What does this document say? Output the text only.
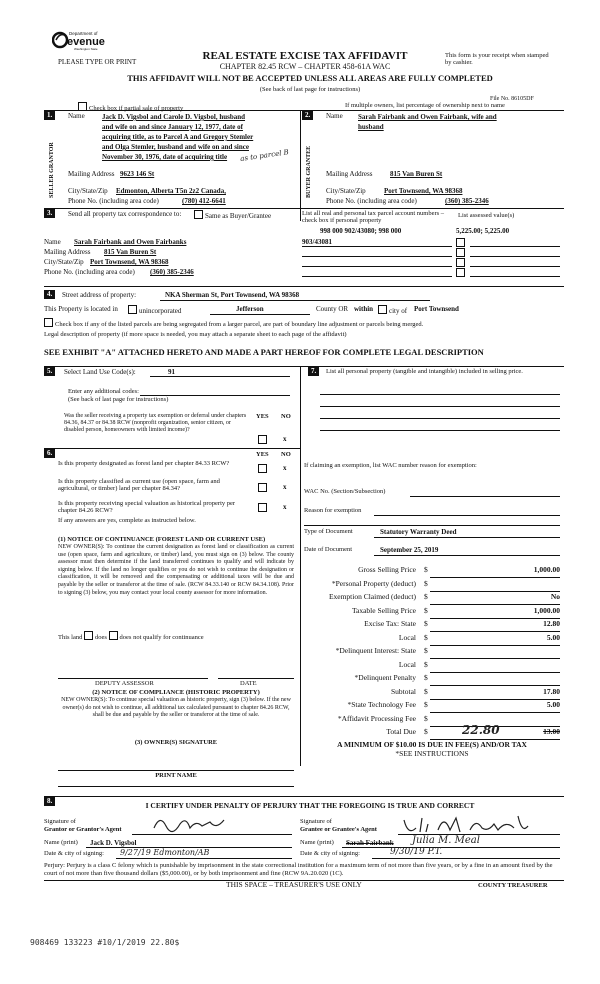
Department of
evenue
Washington State
PLEASE TYPE OR PRINT	REAL ESTATE EXCISE TAX AFFIDAVIT
CHAPTER 82.45 RCW – CHAPTER 458-61A WAC
This form is your receipt when stamped by cashier.
THIS AFFIDAVIT WILL NOT BE ACCEPTED UNLESS ALL AREAS ARE FULLY COMPLETED
(See back of last page for instructions)
File No. 86105DF
Check box if partial sale of property	If multiple owners, list percentage of ownership next to name
1.	Name Jack D. Vigsbol and Carole D. Vigsbol, husband
and wife on and since January 12, 1977, date of
acquiring title, as to Parcel A and Gregory Stemler
and Olga Stemler, husband and wife on and since
November 30, 1976, date of acquiring title	as to parcel B
SELLER GRANTOR Mailing Address 9623 146 St
City/State/Zip Edmonton, Alberta T5n 2z2 Canada,
Phone No. (including area code)	(780) 412-6641
2.	Name Sarah Fairbank and Owen Fairbank, wife and
husband
BUYER GRANTEE Mailing Address	815 Van Buren St
City/State/Zip	Port Townsend, WA 98368
Phone No. (including area code)	(360) 385-2346
3.	Send all property tax correspondence to:	Same as Buyer/Grantee	List all real and personal tax parcel account numbers – check box if personal property
List assessed value(s)
998 000 902/43080; 998 000	5,225.00; 5,225.00
903/43081
Name Sarah Fairbank and Owen Fairbanks
Mailing Address 815 Van Buren St
City/State/Zip Port Townsend, WA 98368
Phone No. (including area code) (360) 385-2346
4.	Street address of property:	NKA Sherman St, Port Townsend, WA 98368
This Property is located in	unincorporated	Jefferson	County OR within	city of Port Townsend
Check box if any of the listed parcels are being segregated from a larger parcel, are part of boundary line adjustment or parcels being merged.
Legal description of property (if more space is needed, you may attach a separate sheet to each page of the affidavit)
SEE EXHIBIT "A" ATTACHED HERETO AND MADE A PART HEREOF FOR COMPLETE LEGAL DESCRIPTION
5.	Select Land Use Code(s):	91
Enter any additional codes:
(See back of last page for instructions)
YES NO
Was the seller receiving a property tax exemption or deferral under chapters 84.36, 84.37 or 84.38 RCW (nonprofit organization, senior citizen, or disabled person, homeowners with limited income)?
x
6.	YES NO
Is this property designated as forest land per chapter 84.33 RCW?
x
Is this property classified as current use (open space, farm and agricultural, or timber) land per chapter 84.34?	x
Is this property receiving special valuation as historical property per chapter 84.26 RCW?	x
If any answers are yes, complete as instructed below.
(1) NOTICE OF CONTINUANCE (FOREST LAND OR CURRENT USE)
NEW OWNER(S): To continue the current designation as forest land or classification as current use (open space, farm and agriculture, or timber) land, you must sign on (3) below. The county assessor must then determine if the land transferred continues to qualify and will indicate by signing below. If the land no longer qualifies or you do not wish to continue the designation or classification, it will be removed and the compensating or additional taxes will be due and payable by the seller or transferor at the time of sale. (RCW 84.33.140 or RCW 84.34.108). Prior to signing (3) below, you may contact your local county assessor for more information.
This land does does not qualify for continuance
DEPUTY ASSESSOR	DATE
(2) NOTICE OF COMPLIANCE (HISTORIC PROPERTY)
NEW OWNER(S): To continue special valuation as historic property, sign (3) below. If the new owner(s) do not wish to continue, all additional tax calculated pursuant to chapter 84.26 RCW, shall be due and payable by the seller or transferor at the time of sale.
(3) OWNER(S) SIGNATURE
PRINT NAME
7.	List all personal property (tangible and intangible) included in selling price.
If claiming an exemption, list WAC number reason for exemption:
WAC No. (Section/Subsection)
Reason for exemption
Type of Document	Statutory Warranty Deed
Date of Document	September 25, 2019
Gross Selling Price $	1,000.00
*Personal Property (deduct) $
Exemption Claimed (deduct) $	No
Taxable Selling Price $	1,000.00
Excise Tax: State $	12.80
Local $	5.00
*Delinquent Interest: State $
Local $
*Delinquent Penalty $
Subtotal $	17.80
*State Technology Fee $	5.00
*Affidavit Processing Fee $
Total Due $	22.80	13.00
A MINIMUM OF $10.00 IS DUE IN FEE(S) AND/OR TAX
*SEE INSTRUCTIONS
8.	I CERTIFY UNDER PENALTY OF PERJURY THAT THE FOREGOING IS TRUE AND CORRECT
Signature of
Grantor or Grantor's Agent
Name (print) Jack D. Vigsbol
Date & city of signing: 9/27/19 Edmonton/AB
Signature of
Grantee or Grantee's Agent
Name (print) Sarah Fairbank Julia M. Meal
Date & city of signing:	9/30/19 P.T.
Perjury: Perjury is a class C felony which is punishable by imprisonment in the state correctional institution for a maximum term of not more than five years, or by a fine in an amount fixed by the court of not more than five thousand dollars ($5,000.00), or by both imprisonment and fine (RCW 9A.20.020 (1C).
THIS SPACE – TREASURER'S USE ONLY	COUNTY TREASURER
908469 133223 #10/1/2019 22.80$
